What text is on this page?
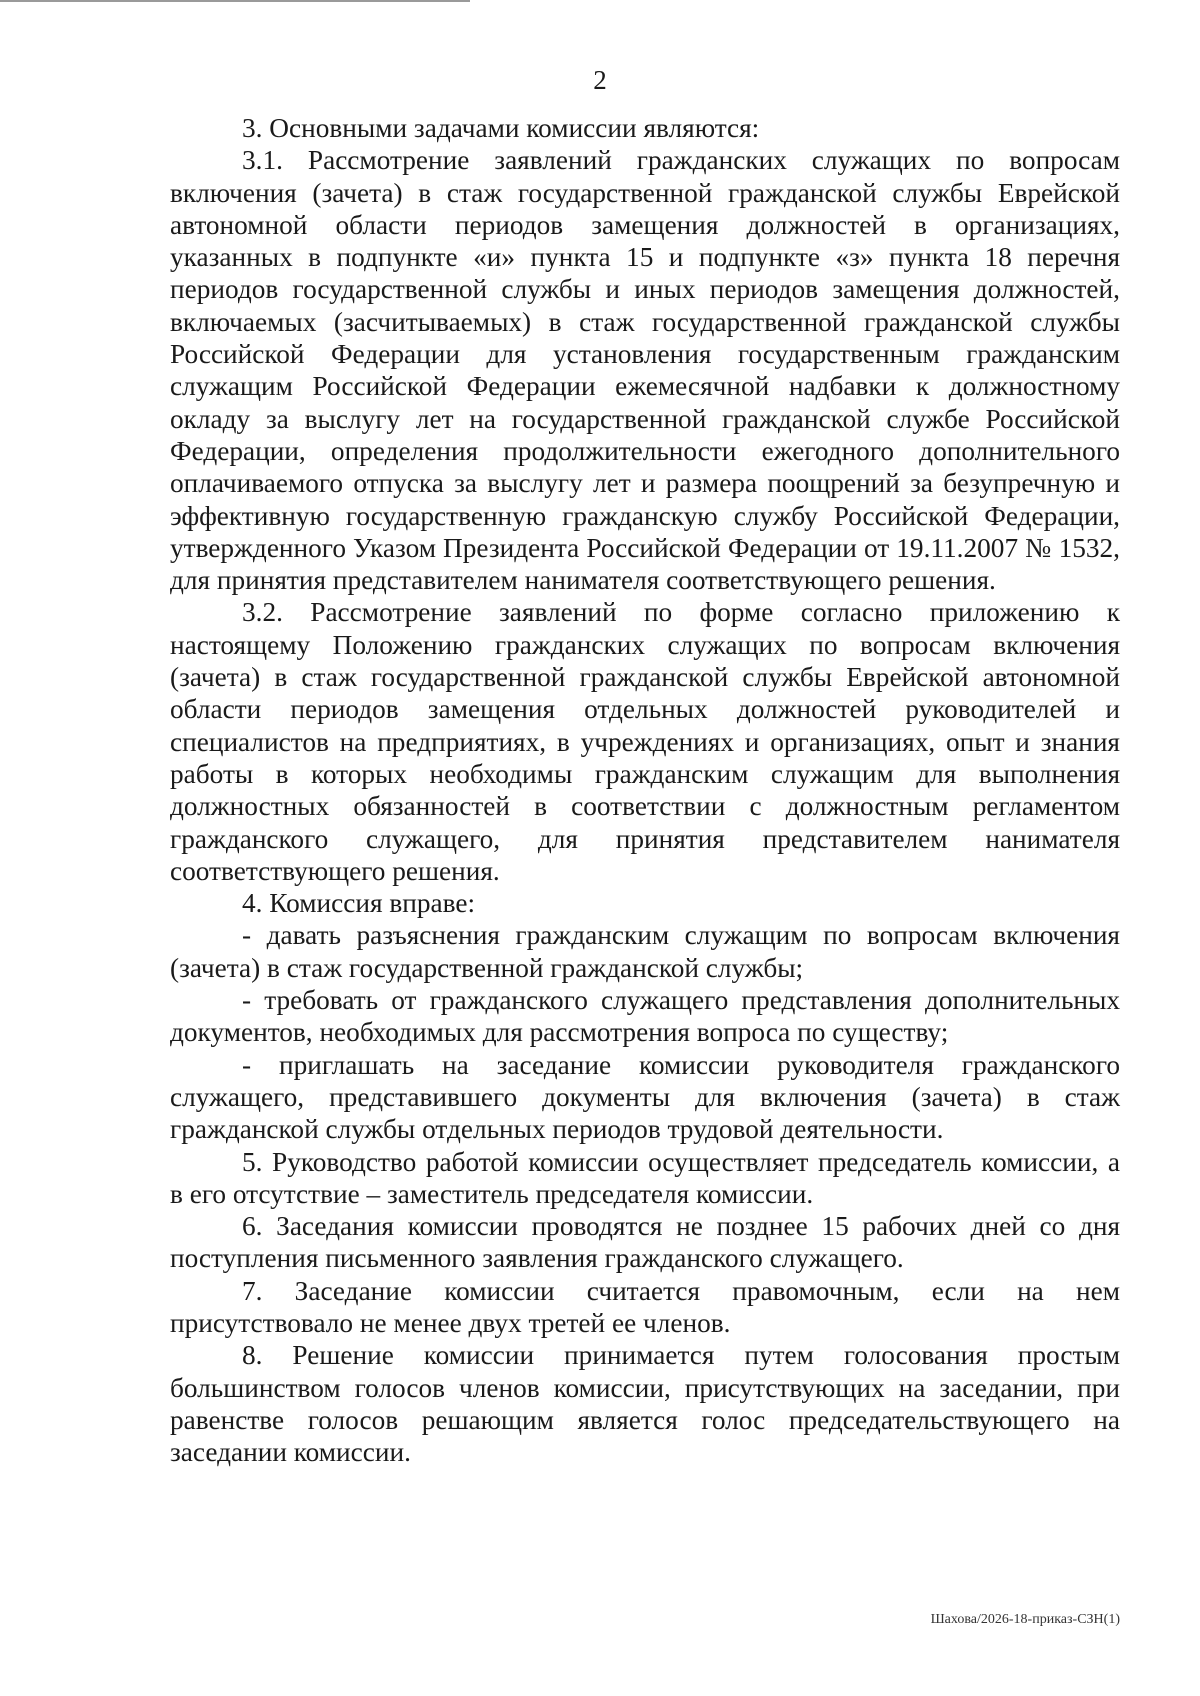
2

3. Основными задачами комиссии являются:

3.1. Рассмотрение заявлений гражданских служащих по вопросам включения (зачета) в стаж государственной гражданской службы Еврейской автономной области периодов замещения должностей в организациях, указанных в подпункте «и» пункта 15 и подпункте «з» пункта 18 перечня периодов государственной службы и иных периодов замещения должностей, включаемых (засчитываемых) в стаж государственной гражданской службы Российской Федерации для установления государственным гражданским служащим Российской Федерации ежемесячной надбавки к должностному окладу за выслугу лет на государственной гражданской службе Российской Федерации, определения продолжительности ежегодного дополнительного оплачиваемого отпуска за выслугу лет и размера поощрений за безупречную и эффективную государственную гражданскую службу Российской Федерации, утвержденного Указом Президента Российской Федерации от 19.11.2007 № 1532, для принятия представителем нанимателя соответствующего решения.

3.2. Рассмотрение заявлений по форме согласно приложению к настоящему Положению гражданских служащих по вопросам включения (зачета) в стаж государственной гражданской службы Еврейской автономной области периодов замещения отдельных должностей руководителей и специалистов на предприятиях, в учреждениях и организациях, опыт и знания работы в которых необходимы гражданским служащим для выполнения должностных обязанностей в соответствии с должностным регламентом гражданского служащего, для принятия представителем нанимателя соответствующего решения.

4. Комиссия вправе:

- давать разъяснения гражданским служащим по вопросам включения (зачета) в стаж государственной гражданской службы;

- требовать от гражданского служащего представления дополнительных документов, необходимых для рассмотрения вопроса по существу;

- приглашать на заседание комиссии руководителя гражданского служащего, представившего документы для включения (зачета) в стаж гражданской службы отдельных периодов трудовой деятельности.

5. Руководство работой комиссии осуществляет председатель комиссии, а в его отсутствие – заместитель председателя комиссии.

6. Заседания комиссии проводятся не позднее 15 рабочих дней со дня поступления письменного заявления гражданского служащего.

7. Заседание комиссии считается правомочным, если на нем присутствовало не менее двух третей ее членов.

8. Решение комиссии принимается путем голосования простым большинством голосов членов комиссии, присутствующих на заседании, при равенстве голосов решающим является голос председательствующего на заседании комиссии.

Шахова/2026-18-приказ-СЗН(1)
